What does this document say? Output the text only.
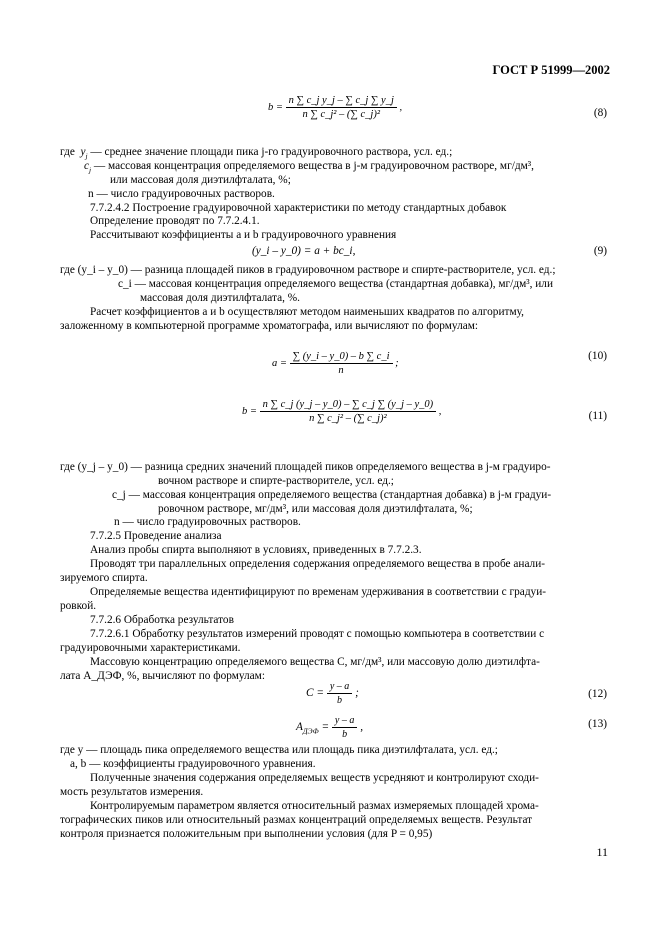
ГОСТ Р 51999—2002
$b = \frac{\text{n ∑ c\_j y\_j – ∑ c\_j ∑ y\_j}}{\text{n ∑ c\_j² – (∑ c\_j)²}}$ ,	(8)
где $y_j$ — среднее значение площади пика j-го градуировочного раствора, усл. ед.;
$c_j$ — массовая концентрация определяемого вещества в j-м градуировочном растворе, мг/дм³,
или массовая доля диэтилфталата, %;
n — число градуировочных растворов.
7.7.2.4.2 Построение градуировочной характеристики по методу стандартных добавок
Определение проводят по 7.7.2.4.1.
Рассчитывают коэффициенты a и b градуировочного уравнения
(y_i – y_0) = a + bc_i,	(9)
где (y_i – y_0) — разница площадей пиков в градуировочном растворе и спирте-растворителе, усл. ед.;
c_i — массовая концентрация определяемого вещества (стандартная добавка), мг/дм³, или
массовая доля диэтилфталата, %.
Расчет коэффициентов a и b осуществляют методом наименьших квадратов по алгоритму,
заложенному в компьютерной программе хроматографа, или вычисляют по формулам:
$a = \frac{\sum (y\_i - y\_0) - b \sum c\_i}{n}$ ;
(10)
$b = \frac{n \sum c\_j (y\_j - y\_0) - \sum c\_j \sum (y\_j - y\_0)}{\text{n ∑ c\_j² – (∑ c\_j)²}}$ ,	(11)
где (y_j – y_0) — разница средних значений площадей пиков определяемого вещества в j-м градуиро-
вочном растворе и спирте-растворителе, усл. ед.;
c_j — массовая концентрация определяемого вещества (стандартная добавка) в j-м градуи-
ровочном растворе, мг/дм³, или массовая доля диэтилфталата, %;
n — число градуировочных растворов.
7.7.2.5 Проведение анализа
Анализ пробы спирта выполняют в условиях, приведенных в 7.7.2.3.
Проводят три параллельных определения содержания определяемого вещества в пробе анали-
зируемого спирта.
Определяемые вещества идентифицируют по временам удерживания в соответствии с градуи-
ровкой.
7.7.2.6 Обработка результатов
7.7.2.6.1 Обработку результатов измерений проводят с помощью компьютера в соответствии с
градуировочными характеристиками.
Массовую концентрацию определяемого вещества C, мг/дм³, или массовую долю диэтилфта-
лата A_ДЭФ, %, вычисляют по формулам:
$C = \frac{y - a}{b}$ ;	(12)
$A_{ДЭФ} = \frac{y - a}{b}$ ,	(13)
где y — площадь пика определяемого вещества или площадь пика диэтилфталата, усл. ед.;
a, b — коэффициенты градуировочного уравнения.
Полученные значения содержания определяемых веществ усредняют и контролируют сходи-
мость результатов измерения.
Контролируемым параметром является относительный размах измеряемых площадей хрома-
тографических пиков или относительный размах концентраций определяемых веществ. Результат
контроля признается положительным при выполнении условия (для P = 0,95)
11
